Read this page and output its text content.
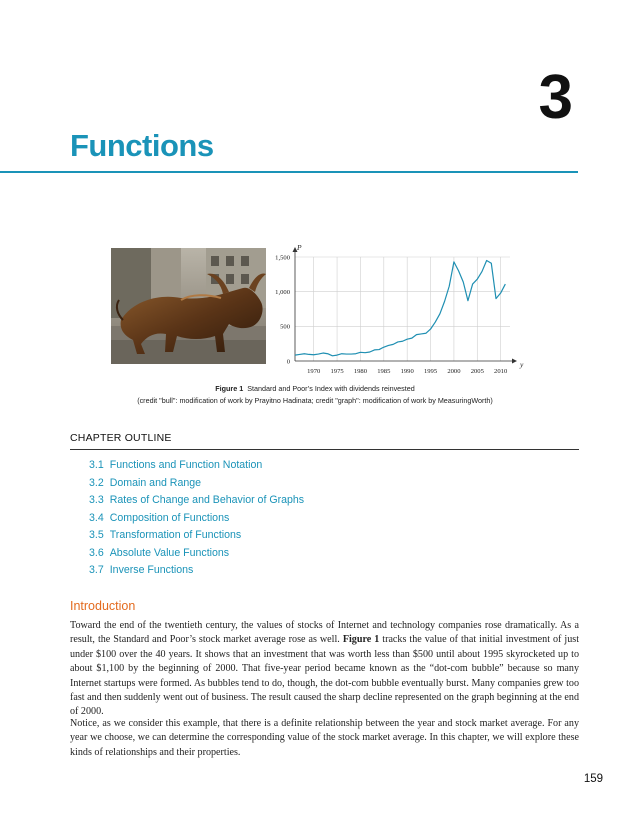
3
Functions
1970 1975 1980 1985 1990 1995 2000 2005 2010
0
500
1,000
1,500
y
P
Figure 1 Standard and Poor’s Index with dividends reinvested
(credit "bull": modification of work by Prayitno Hadinata; credit "graph": modification of work by MeasuringWorth)
CHAPTER OUTLINE
3.1 Functions and Function Notation
3.2 Domain and Range
3.3 Rates of Change and Behavior of Graphs
3.4 Composition of Functions
3.5 Transformation of Functions
3.6 Absolute Value Functions
3.7 Inverse Functions
Introduction

Toward the end of the twentieth century, the values of stocks of Internet and technology companies rose dramatically. As a result, the Standard and Poor’s stock market average rose as well. Figure 1 tracks the value of that initial investment of just under $100 over the 40 years. It shows that an investment that was worth less than $500 until about 1995 skyrocketed up to about $1,100 by the beginning of 2000. That five-year period became known as the “dot-com bubble” because so many Internet startups were formed. As bubbles tend to do, though, the dot-com bubble eventually burst. Many companies grew too fast and then suddenly went out of business. The result caused the sharp decline represented on the graph beginning at the end of 2000.

Notice, as we consider this example, that there is a definite relationship between the year and stock market average. For any year we choose, we can determine the corresponding value of the stock market average. In this chapter, we will explore these kinds of relationships and their properties.

159
